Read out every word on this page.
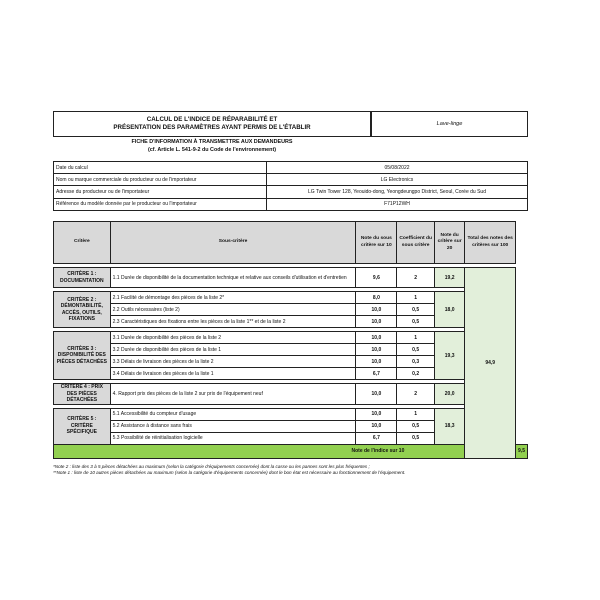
CALCUL DE L'INDICE DE RÉPARABILITÉ ET
PRÉSENTATION DES PARAMÈTRES AYANT PERMIS DE L'ÉTABLIR	Lave-linge
FICHE D'INFORMATION À TRANSMETTRE AUX DEMANDEURS
(cf. Article L. 541-9-2 du Code de l'environnement)
Date du calcul	05/08/2022
Nom ou marque commerciale du producteur ou de l'importateur	LG Electronics
Adresse du producteur ou de l'importateur	LG Twin Tower 128, Yeouido-dong, Yeongdeungpo District, Seoul, Corée du Sud
Référence du modèle donnée par le producteur ou l'importateur	F71P12WH
Critère	Sous-critère	Note du sous critère sur 10	Coefficient du sous critère	Note du critère sur 20	Total des notes des critères sur 100	

CRITÈRE 1 : DOCUMENTATION	1.1 Durée de disponibilité de la documentation technique et relative aux conseils d'utilisation et d'entretien	9,6	2	19,2	94,9	

CRITÈRE 2 : DÉMONTABILITÉ, ACCÈS, OUTILS, FIXATIONS	2.1 Facilité de démontage des pièces de la liste 2*	8,0	1	18,0		
	2.2 Outils nécessaires (liste 2)	10,0	0,5			
	2.3 Caractéristiques des fixations entre les pièces de la liste 1** et de la liste 2	10,0	0,5			

CRITÈRE 3 : DISPONIBILITÉ DES PIÈCES DÉTACHÉES	3.1 Durée de disponibilité des pièces de la liste 2	10,0	1	19,3		
	3.2 Durée de disponibilité des pièces de la liste 1	10,0	0,5			
	3.3 Délais de livraison des pièces de la liste 2	10,0	0,3			
	3.4 Délais de livraison des pièces de la liste 1	6,7	0,2			

CRITÈRE 4 : PRIX DES PIÈCES DÉTACHÉES	4. Rapport prix des pièces de la liste 2 sur prix de l'équipement neuf	10,0	2	20,0		

CRITÈRE 5 : CRITÈRE SPÉCIFIQUE	5.1 Accessibilité du compteur d'usage	10,0	1	18,3		
	5.2 Assistance à distance sans frais	10,0	0,5			
	5.3 Possibilité de réinitialisation logicielle	6,7	0,5			
Note de l'indice sur 10						9,5
*Note 2 : liste des 3 à 5 pièces détachées au maximum (selon la catégorie d'équipements concernée) dont la casse ou les pannes sont les plus fréquentes ;
**Note 1 : liste de 10 autres pièces détachées au maximum (selon la catégorie d'équipements concernée) dont le bon état est nécessaire au fonctionnement de l'équipement.
